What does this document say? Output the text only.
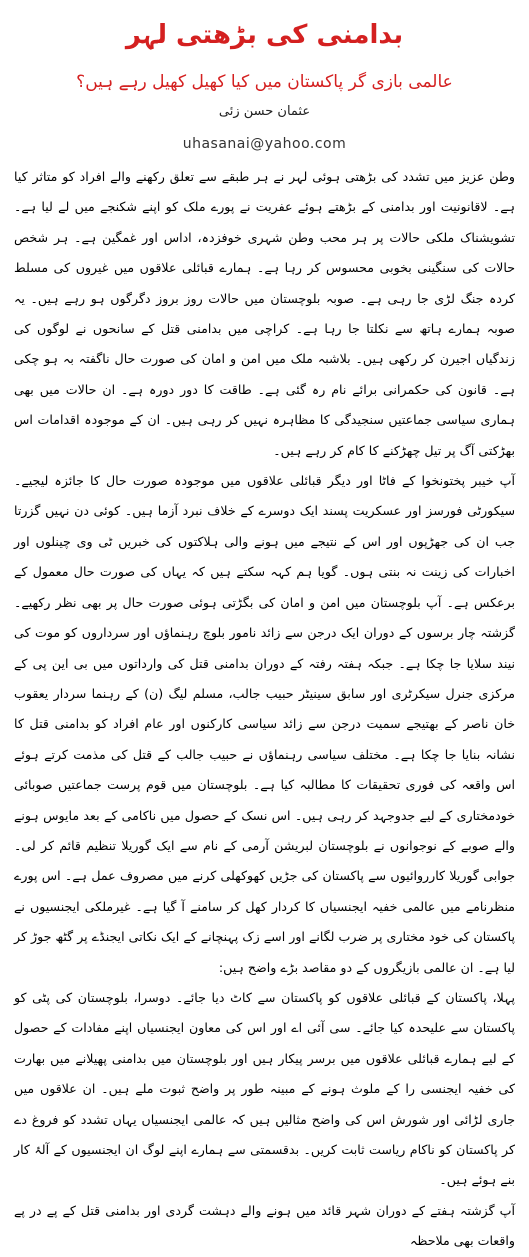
بدامنی کی بڑھتی لہر
عالمی بازی گر پاکستان میں کیا کھیل کھیل رہے ہیں؟
عثمان حسن زئی
uhasanai@yahoo.com

وطن عزیز میں تشدد کی بڑھتی ہوئی لہر نے ہر طبقے سے تعلق رکھنے والے افراد کو متاثر کیا ہے۔ لاقانونیت اور بدامنی کے بڑھتے ہوئے عفریت نے پورے ملک کو اپنے شکنجے میں لے لیا ہے۔ تشویشناک ملکی حالات پر ہر محب وطن شہری خوفزدہ، اداس اور غمگین ہے۔ ہر شخص حالات کی سنگینی بخوبی محسوس کر رہا ہے۔ ہمارے قبائلی علاقوں میں غیروں کی مسلط کردہ جنگ لڑی جا رہی ہے۔ صوبہ بلوچستان میں حالات روز بروز دگرگوں ہو رہے ہیں۔ یہ صوبہ ہمارے ہاتھ سے نکلتا جا رہا ہے۔ کراچی میں بدامنی قتل کے سانحوں نے لوگوں کی زندگیاں اجیرن کر رکھی ہیں۔ بلاشبہ ملک میں امن و امان کی صورت حال ناگفتہ بہ ہو چکی ہے۔ قانون کی حکمرانی برائے نام رہ گئی ہے۔ طاقت کا دور دورہ ہے۔ ان حالات میں بھی ہماری سیاسی جماعتیں سنجیدگی کا مظاہرہ نہیں کر رہی ہیں۔ ان کے موجودہ اقدامات اس بھڑکتی آگ پر تیل چھڑکنے کا کام کر رہے ہیں۔

آپ خیبر پختونخوا کے فاٹا اور دیگر قبائلی علاقوں میں موجودہ صورت حال کا جائزہ لیجیے۔ سیکورٹی فورسز اور عسکریت پسند ایک دوسرے کے خلاف نبرد آزما ہیں۔ کوئی دن نہیں گزرتا جب ان کی جھڑپوں اور اس کے نتیجے میں ہونے والی ہلاکتوں کی خبریں ٹی وی چینلوں اور اخبارات کی زینت نہ بنتی ہوں۔ گویا ہم کہہ سکتے ہیں کہ یہاں کی صورت حال معمول کے برعکس ہے۔ آپ بلوچستان میں امن و امان کی بگڑتی ہوئی صورت حال پر بھی نظر رکھیے۔ گزشتہ چار برسوں کے دوران ایک درجن سے زائد نامور بلوچ رہنماؤں اور سرداروں کو موت کی نیند سلایا جا چکا ہے۔ جبکہ ہفتہ رفتہ کے دوران بدامنی قتل کی وارداتوں میں بی این پی کے مرکزی جنرل سیکرٹری اور سابق سینیٹر حبیب جالب، مسلم لیگ (ن) کے رہنما سردار یعقوب خان ناصر کے بھتیجے سمیت درجن سے زائد سیاسی کارکنوں اور عام افراد کو بدامنی قتل کا نشانہ بنایا جا چکا ہے۔ مختلف سیاسی رہنماؤں نے حبیب جالب کے قتل کی مذمت کرتے ہوئے اس واقعہ کی فوری تحقیقات کا مطالبہ کیا ہے۔ بلوچستان میں قوم پرست جماعتیں صوبائی خودمختاری کے لیے جدوجہد کر رہی ہیں۔ اس نسک کے حصول میں ناکامی کے بعد مایوس ہونے والے صوبے کے نوجوانوں نے بلوچستان لبریشن آرمی کے نام سے ایک گوریلا تنظیم قائم کر لی۔ جوابی گوریلا کارروائیوں سے پاکستان کی جڑیں کھوکھلی کرنے میں مصروف عمل ہے۔ اس پورے منظرنامے میں عالمی خفیہ ایجنسیاں کا کردار کھل کر سامنے آ گیا ہے۔ غیرملکی ایجنسیوں نے پاکستان کی خود مختاری پر ضرب لگانے اور اسے زک پہنچانے کے ایک نکاتی ایجنڈے پر گٹھ جوڑ کر لیا ہے۔ ان عالمی بازیگروں کے دو مقاصد بڑے واضح ہیں:

پہلا، پاکستان کے قبائلی علاقوں کو پاکستان سے کاٹ دیا جائے۔ دوسرا، بلوچستان کی پٹی کو پاکستان سے علیحدہ کیا جائے۔ سی آئی اے اور اس کی معاون ایجنسیاں اپنے مفادات کے حصول کے لیے ہمارے قبائلی علاقوں میں برسر پیکار ہیں اور بلوچستان میں بدامنی پھیلانے میں بھارت کی خفیہ ایجنسی را کے ملوث ہونے کے مبینہ طور پر واضح ثبوت ملے ہیں۔ ان علاقوں میں جاری لڑائی اور شورش اس کی واضح مثالیں ہیں کہ عالمی ایجنسیاں یہاں تشدد کو فروغ دے کر پاکستان کو ناکام ریاست ثابت کریں۔ بدقسمتی سے ہمارے اپنے لوگ ان ایجنسیوں کے آلۂ کار بنے ہوئے ہیں۔

آپ گزشتہ ہفتے کے دوران شہر قائد میں ہونے والے دہشت گردی اور بدامنی قتل کے پے در پے واقعات بھی ملاحظہ
